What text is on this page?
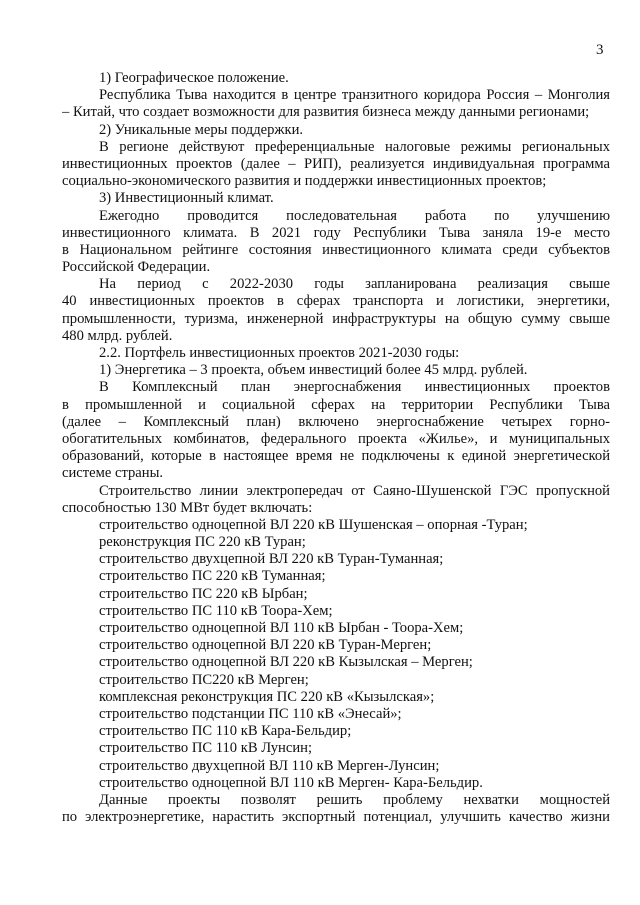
3

1) Географическое положение.

Республика Тыва находится в центре транзитного коридора Россия – Монголия

– Китай, что создает возможности для развития бизнеса между данными регионами;

2) Уникальные меры поддержки.

В регионе действуют преференциальные налоговые режимы региональных

инвестиционных проектов (далее – РИП), реализуется индивидуальная программа

социально-экономического развития и поддержки инвестиционных проектов;

3) Инвестиционный климат.

Ежегодно проводится последовательная работа по улучшению

инвестиционного климата. В 2021 году Республики Тыва заняла 19-е место

в Национальном рейтинге состояния инвестиционного климата среди субъектов

Российской Федерации.

На период с 2022-2030 годы запланирована реализация свыше

40 инвестиционных проектов в сферах транспорта и логистики, энергетики,

промышленности, туризма, инженерной инфраструктуры на общую сумму свыше

480 млрд. рублей.

2.2. Портфель инвестиционных проектов 2021-2030 годы:

1) Энергетика – 3 проекта, объем инвестиций более 45 млрд. рублей.

В Комплексный план энергоснабжения инвестиционных проектов

в промышленной и социальной сферах на территории Республики Тыва

(далее – Комплексный план) включено энергоснабжение четырех горно-

обогатительных комбинатов, федерального проекта «Жилье», и муниципальных

образований, которые в настоящее время не подключены к единой энергетической

системе страны.

Строительство линии электропередач от Саяно-Шушенской ГЭС пропускной

способностью 130 МВт будет включать:

строительство одноцепной ВЛ 220 кВ Шушенская – опорная -Туран;

реконструкция ПС 220 кВ Туран;

строительство двухцепной ВЛ 220 кВ Туран-Туманная;

строительство ПС 220 кВ Туманная;

строительство ПС 220 кВ Ырбан;

строительство ПС 110 кВ Тоора-Хем;

строительство одноцепной ВЛ 110 кВ Ырбан - Тоора-Хем;

строительство одноцепной ВЛ 220 кВ Туран-Мерген;

строительство одноцепной ВЛ 220 кВ Кызылская – Мерген;

строительство ПС220 кВ Мерген;

комплексная реконструкция ПС 220 кВ «Кызылская»;

строительство подстанции ПС 110 кВ «Энесай»;

строительство ПС 110 кВ Кара-Бельдир;

строительство ПС 110 кВ Лунсин;

строительство двухцепной ВЛ 110 кВ Мерген-Лунсин;

строительство одноцепной ВЛ 110 кВ Мерген- Кара-Бельдир.

Данные проекты позволят решить проблему нехватки мощностей

по электроэнергетике, нарастить экспортный потенциал, улучшить качество жизни
